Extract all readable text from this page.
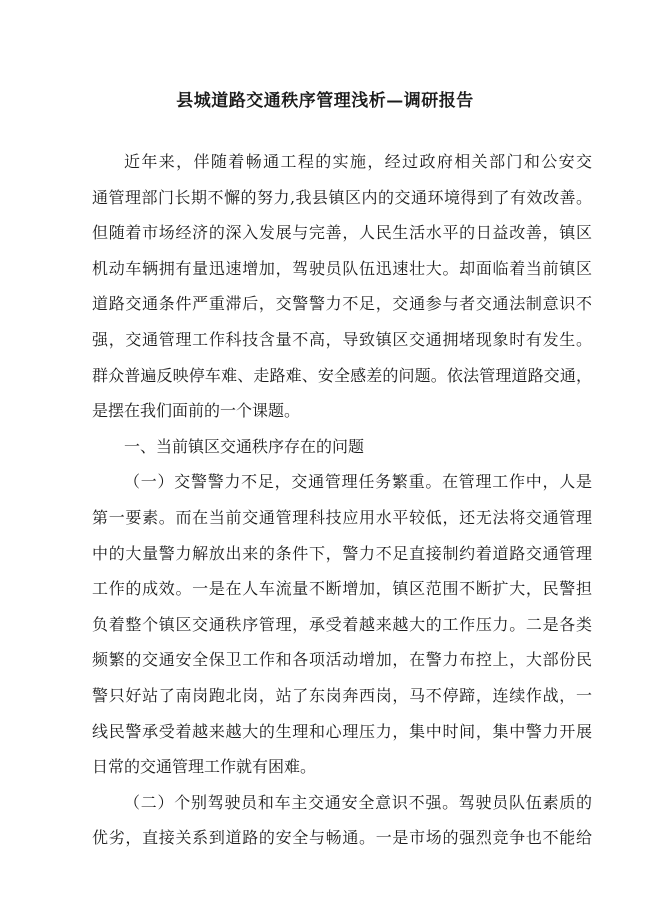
县城道路交通秩序管理浅析—调研报告
近年来，伴随着畅通工程的实施，经过政府相关部门和公安交
通管理部门长期不懈的努力,我县镇区内的交通环境得到了有效改善。
但随着市场经济的深入发展与完善，人民生活水平的日益改善，镇区
机动车辆拥有量迅速增加，驾驶员队伍迅速壮大。却面临着当前镇区
道路交通条件严重滞后，交警警力不足，交通参与者交通法制意识不
强，交通管理工作科技含量不高，导致镇区交通拥堵现象时有发生。
群众普遍反映停车难、走路难、安全感差的问题。依法管理道路交通，
是摆在我们面前的一个课题。
一、当前镇区交通秩序存在的问题
（一）交警警力不足，交通管理任务繁重。在管理工作中，人是
第一要素。而在当前交通管理科技应用水平较低，还无法将交通管理
中的大量警力解放出来的条件下，警力不足直接制约着道路交通管理
工作的成效。一是在人车流量不断增加，镇区范围不断扩大，民警担
负着整个镇区交通秩序管理，承受着越来越大的工作压力。二是各类
频繁的交通安全保卫工作和各项活动增加，在警力布控上，大部份民
警只好站了南岗跑北岗，站了东岗奔西岗，马不停蹄，连续作战，一
线民警承受着越来越大的生理和心理压力，集中时间，集中警力开展
日常的交通管理工作就有困难。
（二）个别驾驶员和车主交通安全意识不强。驾驶员队伍素质的
优劣，直接关系到道路的安全与畅通。一是市场的强烈竞争也不能给
